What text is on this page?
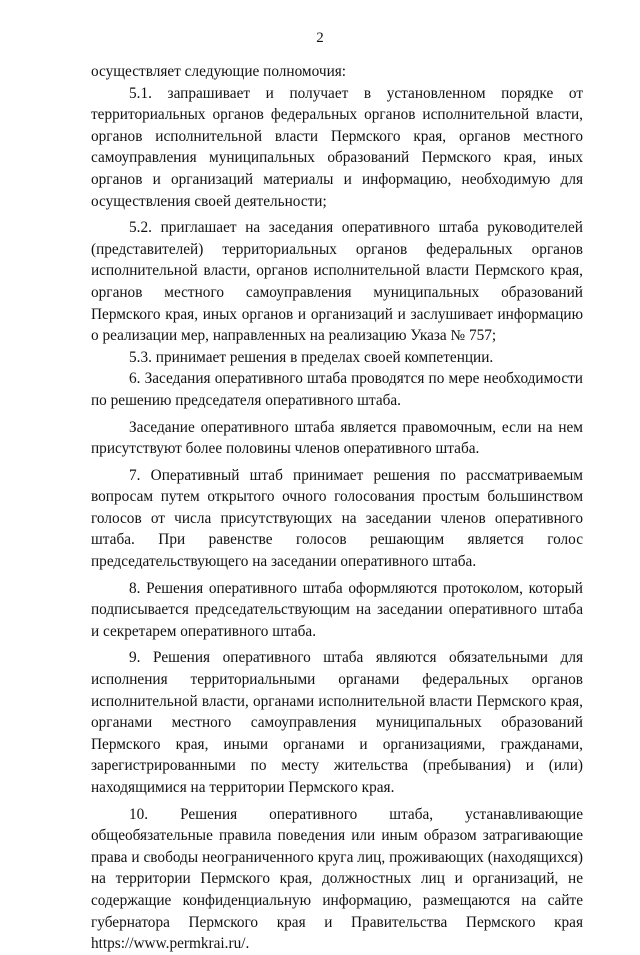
2

осуществляет следующие полномочия:

5.1. запрашивает и получает в установленном порядке от территориальных органов федеральных органов исполнительной власти, органов исполнительной власти Пермского края, органов местного самоуправления муниципальных образований Пермского края, иных органов и организаций материалы и информацию, необходимую для осуществления своей деятельности;

5.2. приглашает на заседания оперативного штаба руководителей (представителей) территориальных органов федеральных органов исполнительной власти, органов исполнительной власти Пермского края, органов местного самоуправления муниципальных образований Пермского края, иных органов и организаций и заслушивает информацию о реализации мер, направленных на реализацию Указа № 757;

5.3. принимает решения в пределах своей компетенции.

6. Заседания оперативного штаба проводятся по мере необходимости по решению председателя оперативного штаба.

Заседание оперативного штаба является правомочным, если на нем присутствуют более половины членов оперативного штаба.

7. Оперативный штаб принимает решения по рассматриваемым вопросам путем открытого очного голосования простым большинством голосов от числа присутствующих на заседании членов оперативного штаба. При равенстве голосов решающим является голос председательствующего на заседании оперативного штаба.

8. Решения оперативного штаба оформляются протоколом, который подписывается председательствующим на заседании оперативного штаба и секретарем оперативного штаба.

9. Решения оперативного штаба являются обязательными для исполнения территориальными органами федеральных органов исполнительной власти, органами исполнительной власти Пермского края, органами местного самоуправления муниципальных образований Пермского края, иными органами и организациями, гражданами, зарегистрированными по месту жительства (пребывания) и (или) находящимися на территории Пермского края.

10. Решения оперативного штаба, устанавливающие общеобязательные правила поведения или иным образом затрагивающие права и свободы неограниченного круга лиц, проживающих (находящихся) на территории Пермского края, должностных лиц и организаций, не содержащие конфиденциальную информацию, размещаются на сайте губернатора Пермского края и Правительства Пермского края https://www.permkrai.ru/.
